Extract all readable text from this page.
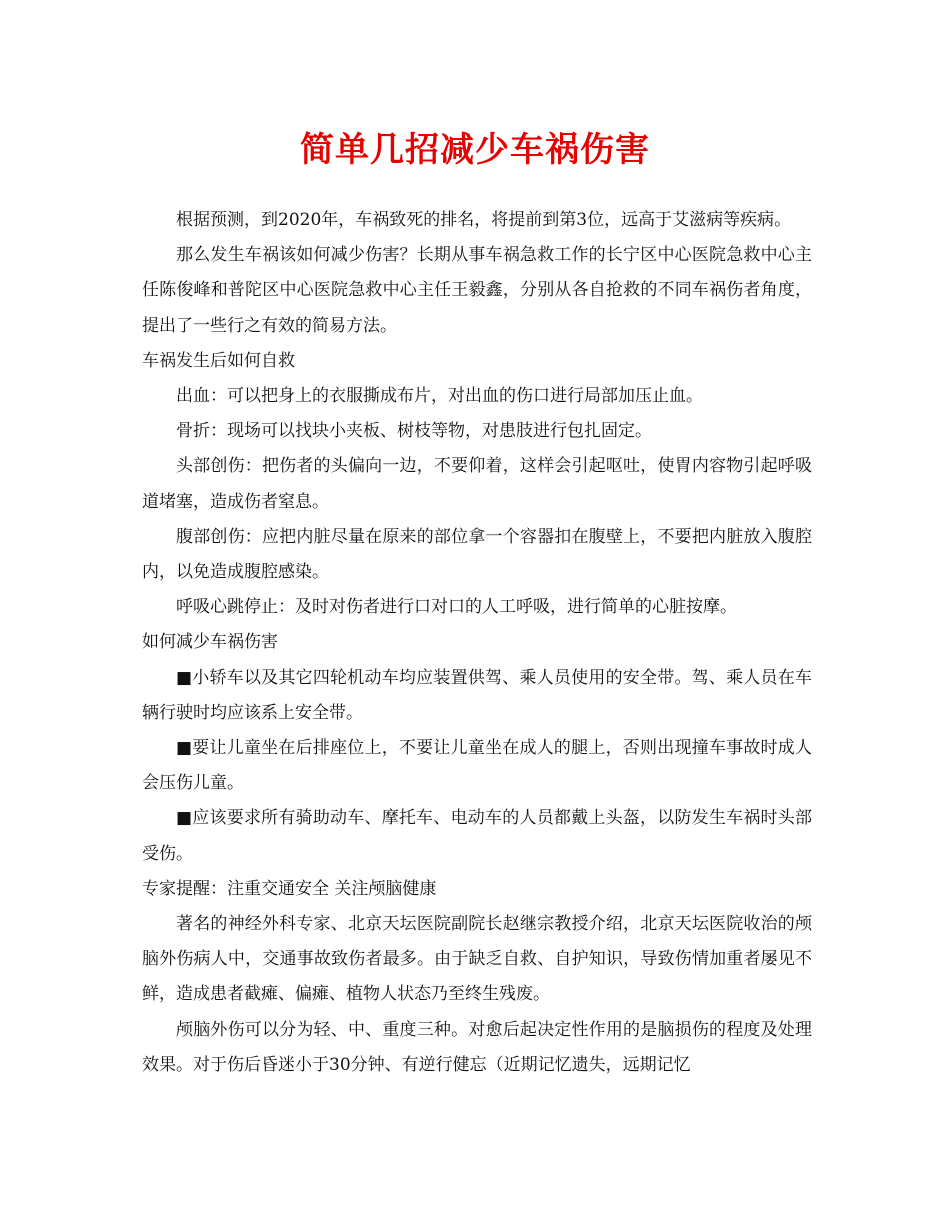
简单几招减少车祸伤害

根据预测，到2020年，车祸致死的排名，将提前到第3位，远高于艾滋病等疾病。

那么发生车祸该如何减少伤害？长期从事车祸急救工作的长宁区中心医院急救中心主任陈俊峰和普陀区中心医院急救中心主任王毅鑫，分别从各自抢救的不同车祸伤者角度，提出了一些行之有效的简易方法。

车祸发生后如何自救

出血：可以把身上的衣服撕成布片，对出血的伤口进行局部加压止血。

骨折：现场可以找块小夹板、树枝等物，对患肢进行包扎固定。

头部创伤：把伤者的头偏向一边，不要仰着，这样会引起呕吐，使胃内容物引起呼吸道堵塞，造成伤者窒息。

腹部创伤：应把内脏尽量在原来的部位拿一个容器扣在腹壁上，不要把内脏放入腹腔内，以免造成腹腔感染。

呼吸心跳停止：及时对伤者进行口对口的人工呼吸，进行简单的心脏按摩。

如何减少车祸伤害

■小轿车以及其它四轮机动车均应装置供驾、乘人员使用的安全带。驾、乘人员在车辆行驶时均应该系上安全带。

■要让儿童坐在后排座位上，不要让儿童坐在成人的腿上，否则出现撞车事故时成人会压伤儿童。

■应该要求所有骑助动车、摩托车、电动车的人员都戴上头盔，以防发生车祸时头部受伤。

专家提醒：注重交通安全 关注颅脑健康

著名的神经外科专家、北京天坛医院副院长赵继宗教授介绍，北京天坛医院收治的颅脑外伤病人中，交通事故致伤者最多。由于缺乏自救、自护知识，导致伤情加重者屡见不鲜，造成患者截瘫、偏瘫、植物人状态乃至终生残废。

颅脑外伤可以分为轻、中、重度三种。对愈后起决定性作用的是脑损伤的程度及处理效果。对于伤后昏迷小于30分钟、有逆行健忘（近期记忆遗失，远期记忆
